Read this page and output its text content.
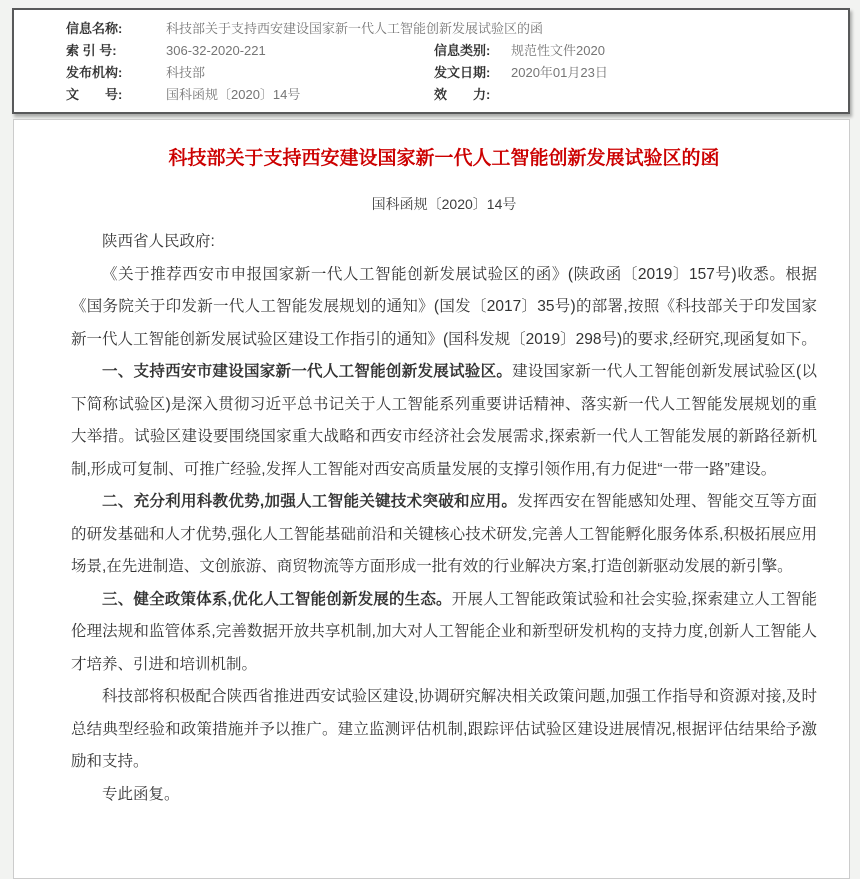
信息名称:	科技部关于支持西安建设国家新一代人工智能创新发展试验区的函
索 引 号:	306-32-2020-221	信息类别:	规范性文件2020
发布机构:	科技部	发文日期:	2020年01月23日
文　　号:	国科函规〔2020〕14号	效　　力:
科技部关于支持西安建设国家新一代人工智能创新发展试验区的函
国科函规〔2020〕14号

陕西省人民政府:

《关于推荐西安市申报国家新一代人工智能创新发展试验区的函》(陕政函〔2019〕157号)收悉。根据《国务院关于印发新一代人工智能发展规划的通知》(国发〔2017〕35号)的部署,按照《科技部关于印发国家新一代人工智能创新发展试验区建设工作指引的通知》(国科发规〔2019〕298号)的要求,经研究,现函复如下。

一、支持西安市建设国家新一代人工智能创新发展试验区。建设国家新一代人工智能创新发展试验区(以下简称试验区)是深入贯彻习近平总书记关于人工智能系列重要讲话精神、落实新一代人工智能发展规划的重大举措。试验区建设要围绕国家重大战略和西安市经济社会发展需求,探索新一代人工智能发展的新路径新机制,形成可复制、可推广经验,发挥人工智能对西安高质量发展的支撑引领作用,有力促进“一带一路”建设。

二、充分利用科教优势,加强人工智能关键技术突破和应用。发挥西安在智能感知处理、智能交互等方面的研发基础和人才优势,强化人工智能基础前沿和关键核心技术研发,完善人工智能孵化服务体系,积极拓展应用场景,在先进制造、文创旅游、商贸物流等方面形成一批有效的行业解决方案,打造创新驱动发展的新引擎。

三、健全政策体系,优化人工智能创新发展的生态。开展人工智能政策试验和社会实验,探索建立人工智能伦理法规和监管体系,完善数据开放共享机制,加大对人工智能企业和新型研发机构的支持力度,创新人工智能人才培养、引进和培训机制。

科技部将积极配合陕西省推进西安试验区建设,协调研究解决相关政策问题,加强工作指导和资源对接,及时总结典型经验和政策措施并予以推广。建立监测评估机制,跟踪评估试验区建设进展情况,根据评估结果给予激励和支持。

专此函复。
